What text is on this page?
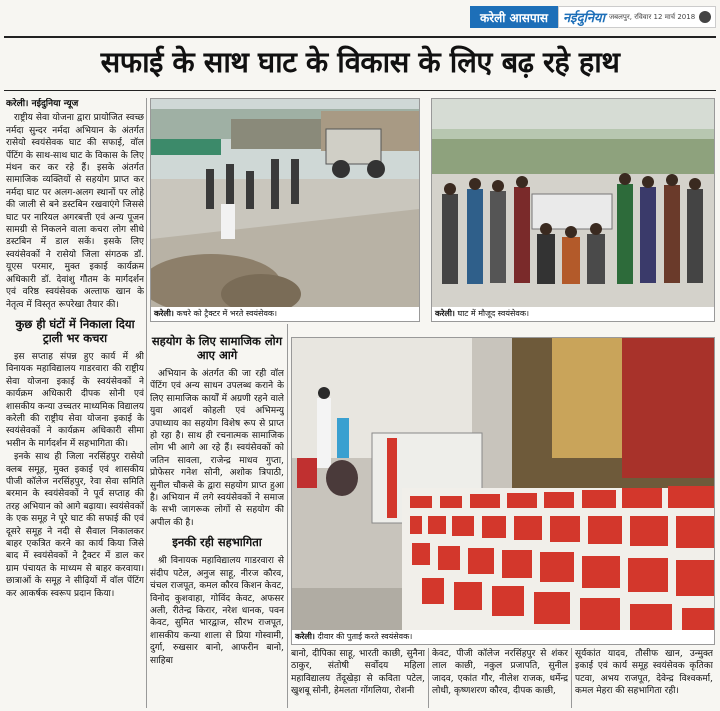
करेली आसपास	नईदुनिया जबलपुर, रविवार 12 मार्च 2018
सफाई के साथ घाट के विकास के लिए बढ़ रहे हाथ
करेली। नईदुनिया न्यूज

राष्ट्रीय सेवा योजना द्वारा प्रायोजित स्वच्छ नर्मदा सुन्दर नर्मदा अभियान के अंतर्गत रासेयो स्वयंसेवक घाट की सफाई, वॉल पेंटिंग के साथ-साथ घाट के विकास के लिए मंथन कर कर रहे हैं। इसके अंतर्गत सामाजिक व्यक्तियों से सहयोग प्राप्त कर नर्मदा घाट पर अलग-अलग स्थानों पर लोहे की जाली से बने डस्टबिन रखवाएंगे जिससे घाट पर नारियल अगरबत्ती एवं अन्य पूजन सामग्री से निकलने वाला कचरा लोग सीधे डस्टबिन में डाल सकें। इसके लिए स्वयंसेवकों ने रासेयो जिला संगठक डॉ. यूएस परमार, मुक्त इकाई कार्यक्रम अधिकारी डॉ. देवांशु गौतम के मार्गदर्शन एवं वरिष्ठ स्वयंसेवक अल्ताफ खान के नेतृत्व में विस्तृत रूपरेखा तैयार की।

कुछ ही घंटों में निकाला दिया ट्राली भर कचरा

इस सप्ताह संपन्न हुए कार्य में श्री विनायक महाविद्यालय गाडरवारा की राष्ट्रीय सेवा योजना इकाई के स्वयंसेवकों ने कार्यक्रम अधिकारी दीपक सोनी एवं शासकीय कन्या उच्चतर माध्यमिक विद्यालय करेली की राष्ट्रीय सेवा योजना इकाई के स्वयंसेवकों ने कार्यक्रम अधिकारी सीमा भसीन के मार्गदर्शन में सहभागिता की।

इनके साथ ही जिला नरसिंहपुर रासेयो क्लब समूह, मुक्त इकाई एवं शासकीय पीजी कॉलेज नरसिंहपुर, रेवा सेवा समिति बरमान के स्वयंसेवकों ने पूर्व सप्ताह की तरह अभियान को आगे बढ़ाया। स्वयंसेवकों के एक समूह ने पूरे घाट की सफाई की एवं दूसरे समूह ने नदी से सैवाल निकालकर बाहर एकत्रित करने का कार्य किया जिसे बाद में स्वयंसेवकों ने ट्रैक्टर में डाल कर ग्राम पंचायत के माध्यम से बाहर करवाया। छात्राओं के समूह ने सीढ़ियों में वॉल पेंटिंग कर आकर्षक स्वरूप प्रदान किया।

करेली। कचरे को ट्रैक्टर में भरते स्वयंसेवक।	करेली। घाट में मौजूद स्वयंसेवक।
सहयोग के लिए सामाजिक लोग आए आगे

अभियान के अंतर्गत की जा रही वॉल पेंटिंग एवं अन्य साधन उपलब्ध कराने के लिए सामाजिक कार्यों में अग्रणी रहने वाले युवा आदर्श कोहली एवं अभिमन्यु उपाध्याय का सहयोग विशेष रूप से प्राप्त हो रहा है। साथ ही रचनात्मक सामाजिक लोग भी आगे आ रहे हैं। स्वयंसेवकों को जतिन सावला, राजेन्द्र माधव गुप्ता, प्रोफेसर गनेश सोनी, अशोक त्रिपाठी, सुनील चौकसे के द्वारा सहयोग प्राप्त हुआ है। अभियान में लगे स्वयंसेवकों ने समाज के सभी जागरूक लोगों से सहयोग की अपील की है।

इनकी रही सहभागिता

श्री विनायक महाविद्यालय गाडरवारा से संदीप पटेल, अनुज साहू, नीरज कौरव, चंचल राजपूत, कमल कौरव किशन केवट, विनोद कुशवाहा, गोविंद केवट, अफसर अली, रीतेन्द्र किरार, नरेश धानक, पवन केवट, सुमित भारद्वाज, सौरभ राजपूत, शासकीय कन्या शाला से प्रिया गोस्वामी, दुर्गा, रुखसार बानो, आफरीन बानो, साहिबा

करेली। दीवार की पुताई करते स्वयंसेवक।

बानो, दीपिका साहू, भारती काछी, सुनैना ठाकुर, संतोषी सर्वोदय महिला महाविद्यालय तेंदूखेड़ा से कविता पटेल, खुशबू सोनी, हेमलता गोंगलिया, रोशनी

केवट, पीजी कॉलेज नरसिंहपुर से शंकर लाल काछी, नकुल प्रजापति, सुनील जादव, एकांत गौर, नीलेश राजक, धर्मेन्द्र लोधी, कृष्णशरण कौरव, दीपक काछी,

सूर्यकांत यादव, तौसीफ खान, उन्मुक्त इकाई एवं कार्य समूह स्वयंसेवक कृतिका पटवा, अभय राजपूत, देवेन्द्र विश्वकर्मा, कमल मेहरा की सहभागिता रही।
